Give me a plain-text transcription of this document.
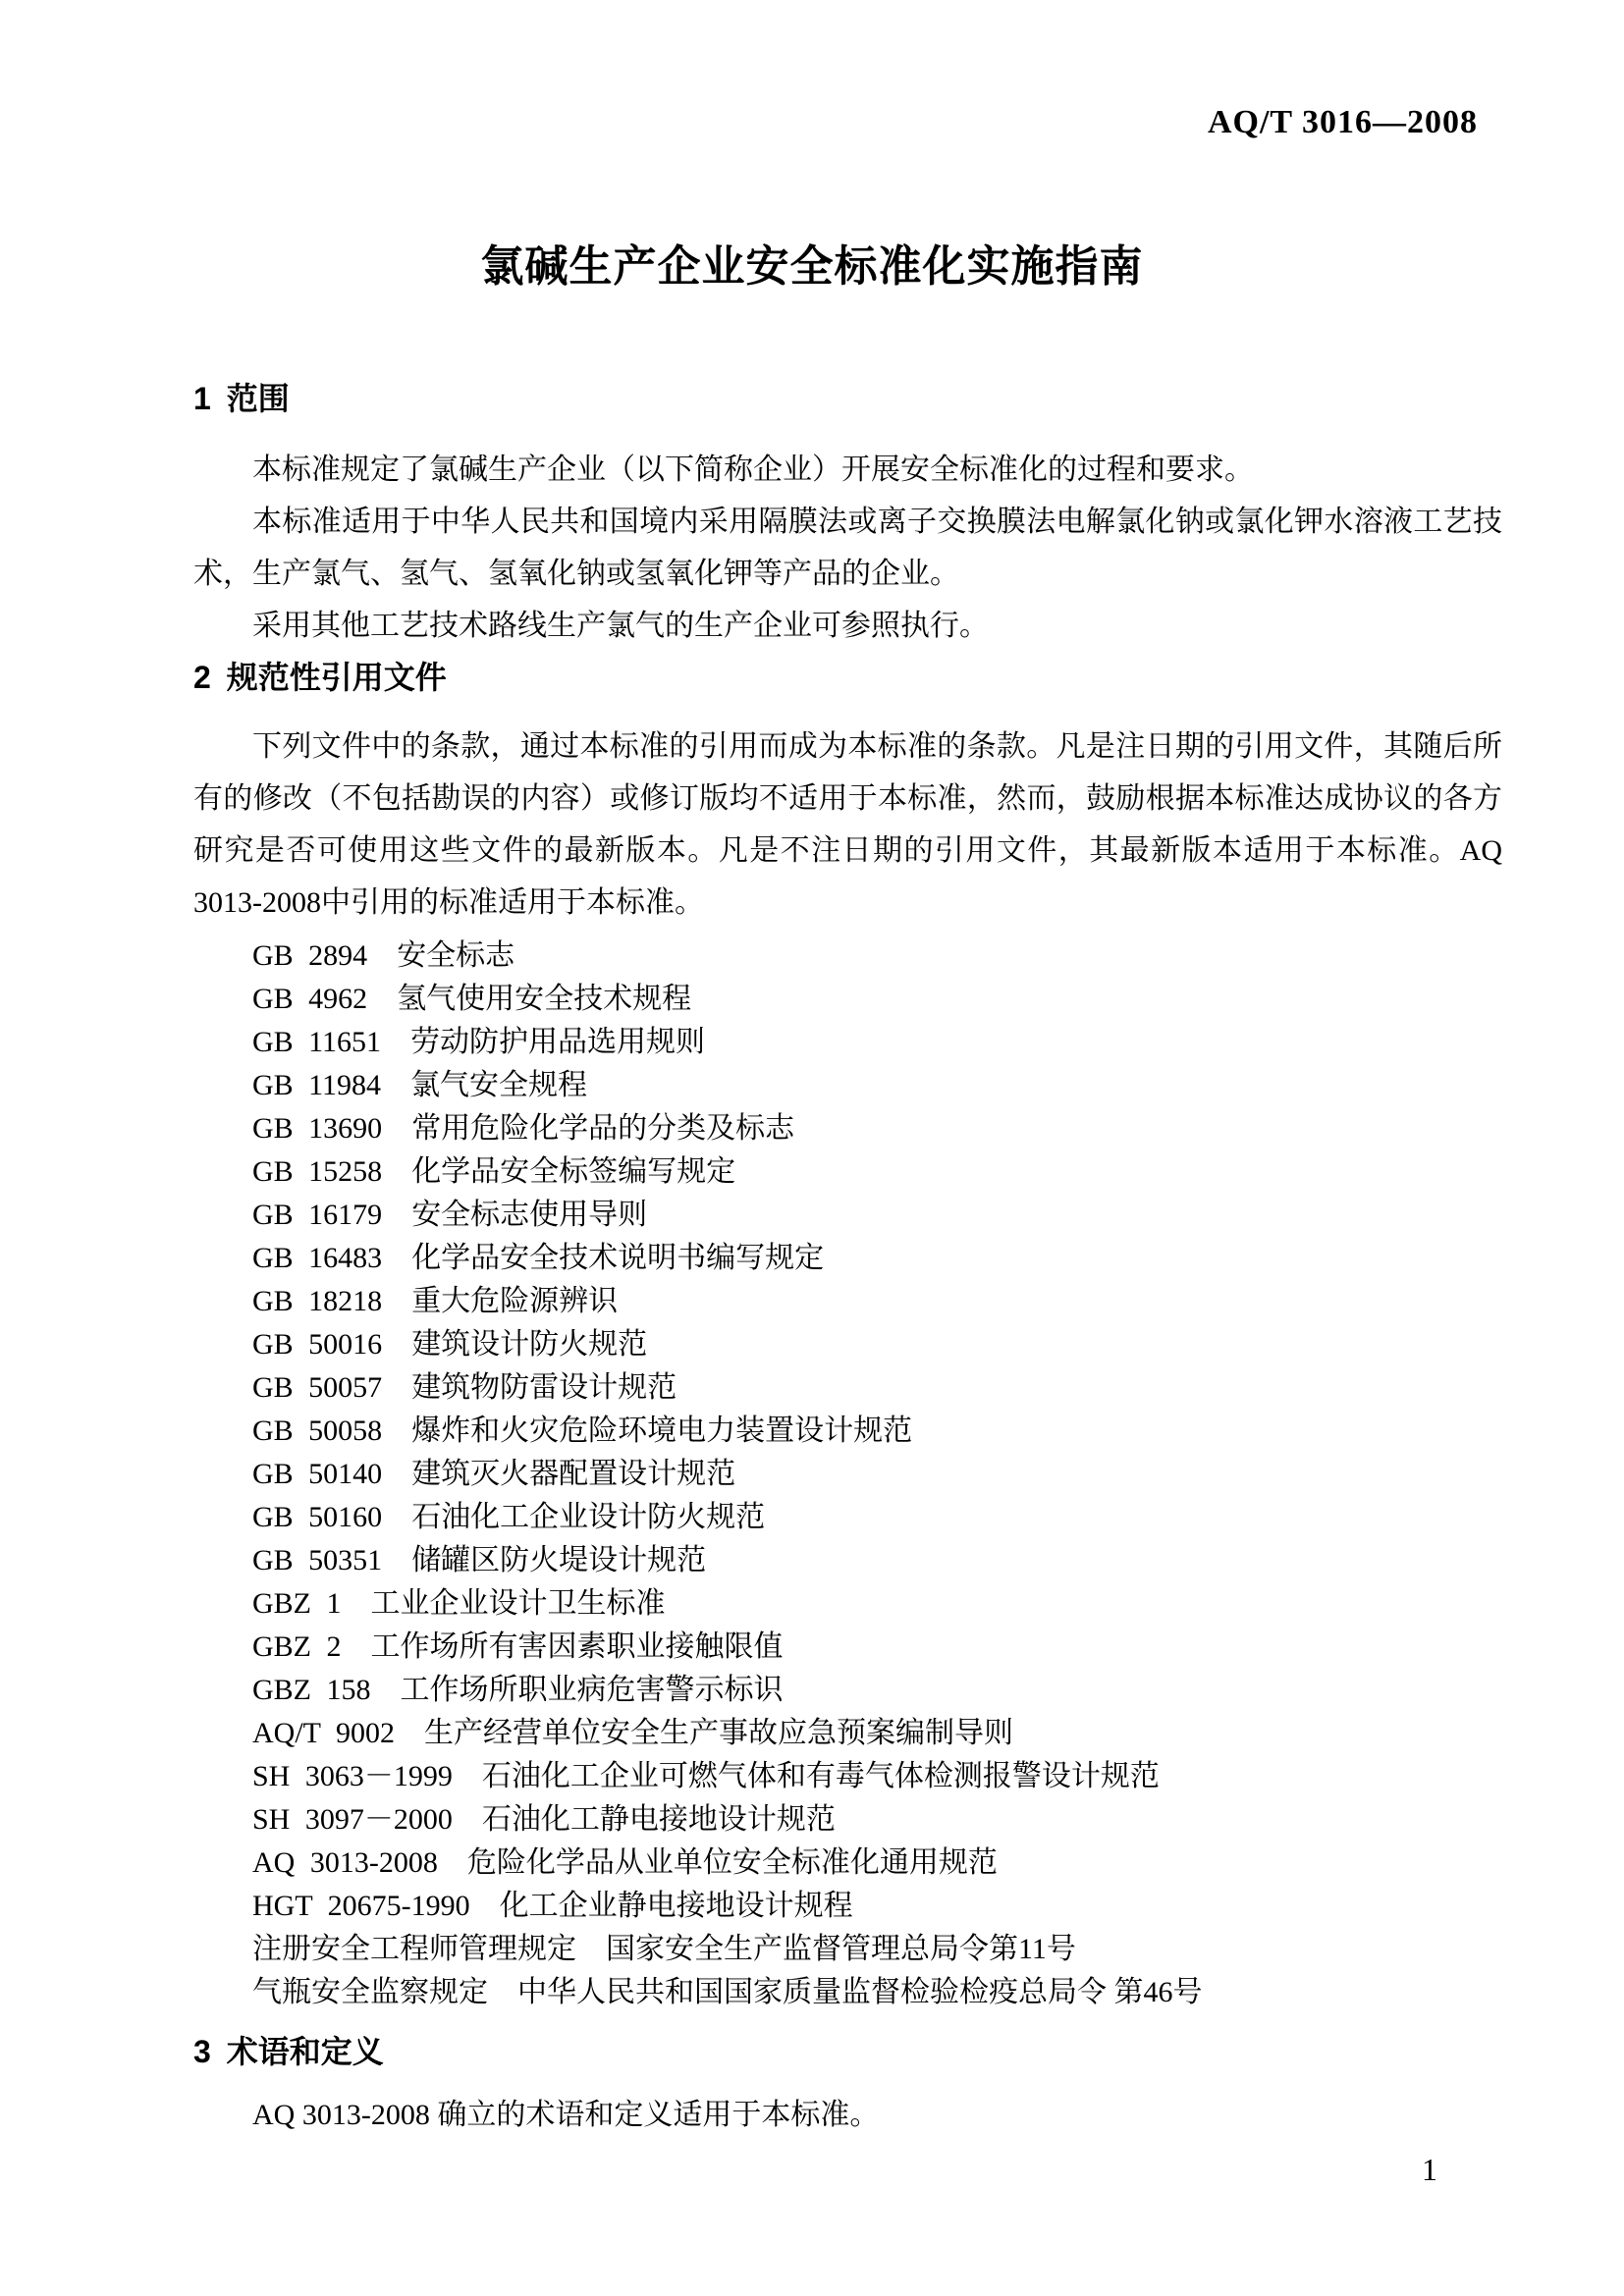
AQ/T 3016—2008
氯碱生产企业安全标准化实施指南
1 范围

本标准规定了氯碱生产企业（以下简称企业）开展安全标准化的过程和要求。

本标准适用于中华人民共和国境内采用隔膜法或离子交换膜法电解氯化钠或氯化钾水溶液工艺技术，生产氯气、氢气、氢氧化钠或氢氧化钾等产品的企业。

采用其他工艺技术路线生产氯气的生产企业可参照执行。

2 规范性引用文件

下列文件中的条款，通过本标准的引用而成为本标准的条款。凡是注日期的引用文件，其随后所有的修改（不包括勘误的内容）或修订版均不适用于本标准，然而，鼓励根据本标准达成协议的各方研究是否可使用这些文件的最新版本。凡是不注日期的引用文件，其最新版本适用于本标准。AQ 3013-2008中引用的标准适用于本标准。

GB 2894 安全标志
GB 4962 氢气使用安全技术规程
GB 11651 劳动防护用品选用规则
GB 11984 氯气安全规程
GB 13690 常用危险化学品的分类及标志
GB 15258 化学品安全标签编写规定
GB 16179 安全标志使用导则
GB 16483 化学品安全技术说明书编写规定
GB 18218 重大危险源辨识
GB 50016 建筑设计防火规范
GB 50057 建筑物防雷设计规范
GB 50058 爆炸和火灾危险环境电力装置设计规范
GB 50140 建筑灭火器配置设计规范
GB 50160 石油化工企业设计防火规范
GB 50351 储罐区防火堤设计规范
GBZ 1 工业企业设计卫生标准
GBZ 2 工作场所有害因素职业接触限值
GBZ 158 工作场所职业病危害警示标识
AQ/T 9002 生产经营单位安全生产事故应急预案编制导则
SH 3063－1999 石油化工企业可燃气体和有毒气体检测报警设计规范
SH 3097－2000 石油化工静电接地设计规范
AQ 3013-2008 危险化学品从业单位安全标准化通用规范
HGT 20675-1990 化工企业静电接地设计规程
注册安全工程师管理规定 国家安全生产监督管理总局令第11号
气瓶安全监察规定 中华人民共和国国家质量监督检验检疫总局令 第46号
3 术语和定义

AQ 3013-2008 确立的术语和定义适用于本标准。

1
